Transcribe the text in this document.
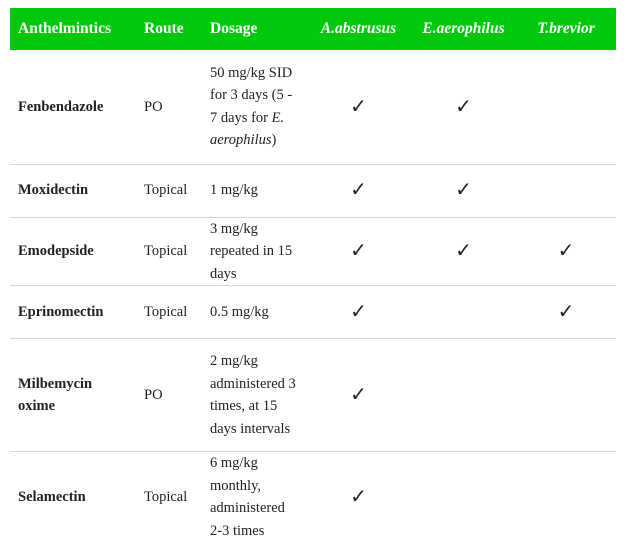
Anthelmintics	Route	Dosage	A.abstrusus	E.aerophilus	T.brevior
Fenbendazole	PO	50 mg/kg SID for 3 days (5 - 7 days for E. aerophilus)	✓	✓	
Moxidectin	Topical	1 mg/kg	✓	✓	
Emodepside	Topical	3 mg/kg repeated in 15 days	✓	✓	✓
Eprinomectin	Topical	0.5 mg/kg	✓		✓
Milbemycin oxime	PO	2 mg/kg administered 3 times, at 15 days intervals	✓		
Selamectin	Topical	6 mg/kg monthly, administered 2-3 times	✓		
